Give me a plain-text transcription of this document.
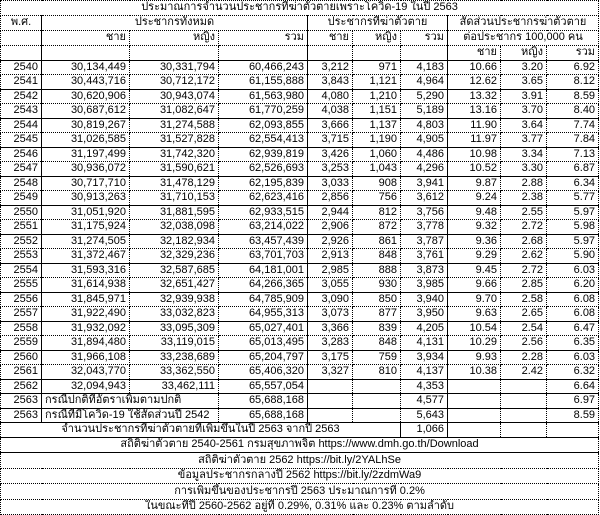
ประมาณการจำนวนประชากรที่ฆ่าตัวตายเพราะโควิด-19 ในปี 2563									
พ.ศ.	ประชากรทั้งหมด			ประชากรที่ฆ่าตัวตาย			สัดส่วนประชากรฆ่าตัวตาย		
	ชาย	หญิง	รวม	ชาย	หญิง	รวม	ต่อประชากร 100,000 คน		
							ชาย	หญิง	รวม
2540	30,134,449	30,331,794	60,466,243	3,212	971	4,183	10.66	3.20	6.92
2541	30,443,716	30,712,172	61,155,888	3,843	1,121	4,964	12.62	3.65	8.12
2542	30,620,906	30,943,074	61,563,980	4,080	1,210	5,290	13.32	3.91	8.59
2543	30,687,612	31,082,647	61,770,259	4,038	1,151	5,189	13.16	3.70	8.40
2544	30,819,267	31,274,588	62,093,855	3,666	1,137	4,803	11.90	3.64	7.74
2545	31,026,585	31,527,828	62,554,413	3,715	1,190	4,905	11.97	3.77	7.84
2546	31,197,499	31,742,320	62,939,819	3,426	1,060	4,486	10.98	3.34	7.13
2547	30,936,072	31,590,621	62,526,693	3,253	1,043	4,296	10.52	3.30	6.87
2548	30,717,710	31,478,129	62,195,839	3,033	908	3,941	9.87	2.88	6.34
2549	30,913,263	31,710,153	62,623,416	2,856	756	3,612	9.24	2.38	5.77
2550	31,051,920	31,881,595	62,933,515	2,944	812	3,756	9.48	2.55	5.97
2551	31,175,924	32,038,098	63,214,022	2,906	872	3,778	9.32	2.72	5.98
2552	31,274,505	32,182,934	63,457,439	2,926	861	3,787	9.36	2.68	5.97
2553	31,372,467	32,329,236	63,701,703	2,913	848	3,761	9.29	2.62	5.90
2554	31,593,316	32,587,685	64,181,001	2,985	888	3,873	9.45	2.72	6.03
2555	31,614,938	32,651,427	64,266,365	3,055	930	3,985	9.66	2.85	6.20
2556	31,845,971	32,939,938	64,785,909	3,090	850	3,940	9.70	2.58	6.08
2557	31,922,490	33,032,823	64,955,313	3,073	877	3,950	9.63	2.65	6.08
2558	31,932,092	33,095,309	65,027,401	3,366	839	4,205	10.54	2.54	6.47
2559	31,894,480	33,119,015	65,013,495	3,283	848	4,131	10.29	2.56	6.35
2560	31,966,108	33,238,689	65,204,797	3,175	759	3,934	9.93	2.28	6.03
2561	32,043,770	33,362,550	65,406,320	3,327	810	4,137	10.38	2.42	6.32
2562	32,094,943	33,462,111	65,557,054			4,353			6.64
2563	กรณีปกติที่อัตราเพิ่มตามปกติ		65,688,168			4,577			6.97
2563	กรณีที่มีโควิด-19 ใช้สัดส่วนปี 2542		65,688,168			5,643			8.59
จำนวนประชากรที่ฆ่าตัวตายที่เพิ่มขึ้นในปี 2563 จากปี 2563						1,066			
สถิติฆ่าตัวตาย 2540-2561 กรมสุขภาพจิต https://www.dmh.go.th/Download									
สถิติฆ่าตัวตาย 2562 https://bit.ly/2YALhSe									
ข้อมูลประชากรกลางปี 2562 https://bit.ly/2zdmWa9									
การเพิ่มขึ้นของประชากรปี 2563 ประมาณการที่ 0.2%									
ในขณะที่ปี 2560-2562 อยู่ที่ 0.29%, 0.31% และ 0.23% ตามลำดับ									
